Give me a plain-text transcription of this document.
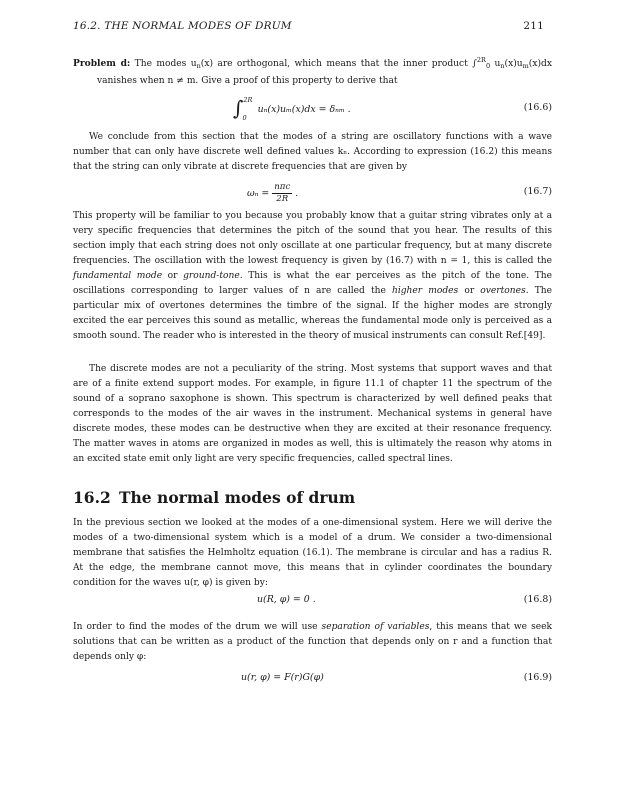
16.2. THE NORMAL MODES OF DRUM	211

Problem d: The modes $u_n(x)$ are orthogonal, which means that the inner product ∫$^{2R}_0$ $u_n(x)u_m(x)dx$ vanishes when n ≠ m. Give a proof of this property to derive that

∫$^{2R}_0$ uₙ(x)uₘ(x)dx = δₙₘ .	(16.6)

We conclude from this section that the modes of a string are oscillatory functions with a wave number that can only have discrete well defined values kₙ. According to expression (16.2) this means that the string can only vibrate at discrete frequencies that are given by

$\omega_n = \frac{\text{nπc}}{2R}$ .	(16.7)

This property will be familiar to you because you probably know that a guitar string vibrates only at a very specific frequencies that determines the pitch of the sound that you hear. The results of this section imply that each string does not only oscillate at one particular frequency, but at many discrete frequencies. The oscillation with the lowest frequency is given by (16.7) with n = 1, this is called the fundamental mode or ground-tone. This is what the ear perceives as the pitch of the tone. The oscillations corresponding to larger values of n are called the higher modes or overtones. The particular mix of overtones determines the timbre of the signal. If the higher modes are strongly excited the ear perceives this sound as metallic, whereas the fundamental mode only is perceived as a smooth sound. The reader who is interested in the theory of musical instruments can consult Ref.[49].

The discrete modes are not a peculiarity of the string. Most systems that support waves and that are of a finite extend support modes. For example, in figure 11.1 of chapter 11 the spectrum of the sound of a soprano saxophone is shown. This spectrum is characterized by well defined peaks that corresponds to the modes of the air waves in the instrument. Mechanical systems in general have discrete modes, these modes can be destructive when they are excited at their resonance frequency. The matter waves in atoms are organized in modes as well, this is ultimately the reason why atoms in an excited state emit only light are very specific frequencies, called spectral lines.

16.2 The normal modes of drum

In the previous section we looked at the modes of a one-dimensional system. Here we will derive the modes of a two-dimensional system which is a model of a drum. We consider a two-dimensional membrane that satisfies the Helmholtz equation (16.1). The membrane is circular and has a radius R. At the edge, the membrane cannot move, this means that in cylinder coordinates the boundary condition for the waves u(r, φ) is given by:

u(R, φ) = 0 .	(16.8)

In order to find the modes of the drum we will use separation of variables, this means that we seek solutions that can be written as a product of the function that depends only on r and a function that depends only φ:

u(r, φ) = F(r)G(φ)	(16.9)
